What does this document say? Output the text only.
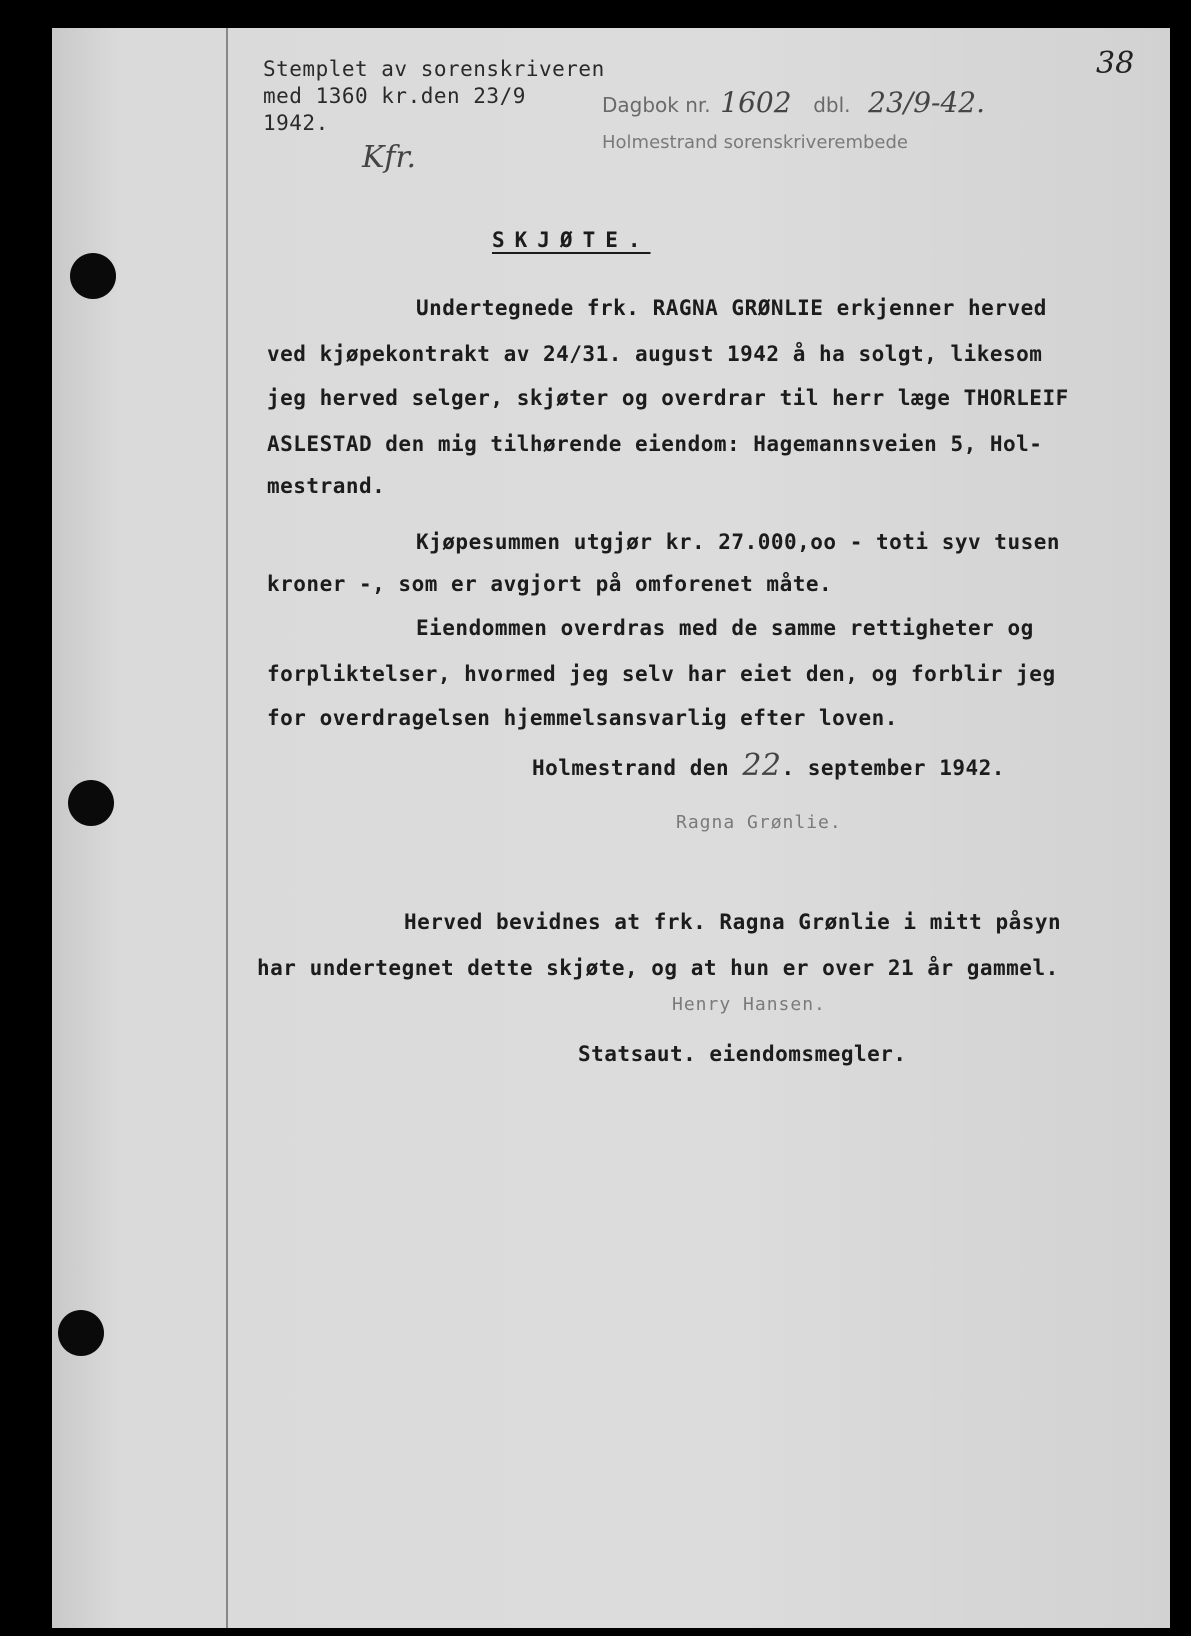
Stemplet av sorenskriveren
med 1360 kr.den 23/9
1942.
Kfr.
Dagbok nr. 1602 dbl. 23/9-42.
Holmestrand sorenskriverembede
38
SKJØTE.
Undertegnede frk. RAGNA GRØNLIE erkjenner herved
ved kjøpekontrakt av 24/31. august 1942 å ha solgt, likesom
jeg herved selger, skjøter og overdrar til herr læge THORLEIF
ASLESTAD den mig tilhørende eiendom: Hagemannsveien 5, Hol-
mestrand.
Kjøpesummen utgjør kr. 27.000,oo - toti syv tusen
kroner -, som er avgjort på omforenet måte.
Eiendommen overdras med de samme rettigheter og
forpliktelser, hvormed jeg selv har eiet den, og forblir jeg
for overdragelsen hjemmelsansvarlig efter loven.
Holmestrand den 22. september 1942.
Ragna Grønlie.
Herved bevidnes at frk. Ragna Grønlie i mitt påsyn
har undertegnet dette skjøte, og at hun er over 21 år gammel.
Henry Hansen.
Statsaut. eiendomsmegler.
